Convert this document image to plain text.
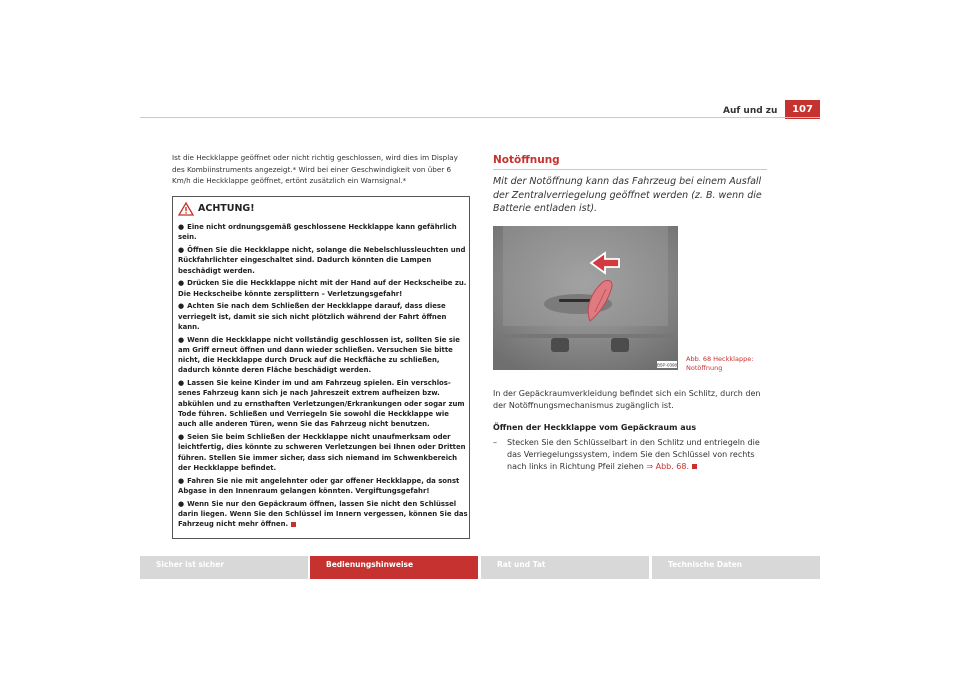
Auf und zu	107
Ist die Heckklappe geöffnet oder nicht richtig geschlossen, wird dies im Display des Kombiinstruments angezeigt.* Wird bei einer Geschwindigkeit von über 6 Km/h die Heckklappe geöffnet, ertönt zusätzlich ein Warnsignal.*
ACHTUNG!
● Eine nicht ordnungsgemäß geschlossene Heckklappe kann gefährlich sein.
● Öffnen Sie die Heckklappe nicht, solange die Nebelschlussleuchten und Rückfahrlichter eingeschaltet sind. Dadurch könnten die Lampen beschädigt werden.
● Drücken Sie die Heckklappe nicht mit der Hand auf der Heckscheibe zu. Die Heckscheibe könnte zersplittern – Verletzungsgefahr!
● Achten Sie nach dem Schließen der Heckklappe darauf, dass diese verriegelt ist, damit sie sich nicht plötzlich während der Fahrt öffnen kann.
● Wenn die Heckklappe nicht vollständig geschlossen ist, sollten Sie sie am Griff erneut öffnen und dann wieder schließen. Versuchen Sie bitte nicht, die Heckklappe durch Druck auf die Heckfläche zu schließen, dadurch könnte deren Fläche beschädigt werden.
● Lassen Sie keine Kinder im und am Fahrzeug spielen. Ein verschlos-senes Fahrzeug kann sich je nach Jahreszeit extrem aufheizen bzw. abkühlen und zu ernsthaften Verletzungen/Erkrankungen oder sogar zum Tode führen. Schließen und Verriegeln Sie sowohl die Heckklappe wie auch alle anderen Türen, wenn Sie das Fahrzeug nicht benutzen.
● Seien Sie beim Schließen der Heckklappe nicht unaufmerksam oder leichtfertig, dies könnte zu schweren Verletzungen bei Ihnen oder Dritten führen. Stellen Sie immer sicher, dass sich niemand im Schwenkbereich der Heckklappe befindet.
● Fahren Sie nie mit angelehnter oder gar offener Heckklappe, da sonst Abgase in den Innenraum gelangen könnten. Vergiftungsgefahr!
● Wenn Sie nur den Gepäckraum öffnen, lassen Sie nicht den Schlüssel darin liegen. Wenn Sie den Schlüssel im Innern vergessen, können Sie das Fahrzeug nicht mehr öffnen.
Notöffnung
Mit der Notöffnung kann das Fahrzeug bei einem Ausfall der Zentralverriegelung geöffnet werden (z. B. wenn die Batterie entladen ist).
B5P-0398
Abb. 68 Heckklappe: Notöffnung
In der Gepäckraumverkleidung befindet sich ein Schlitz, durch den der Notöffnungsmechanismus zugänglich ist.
Öffnen der Heckklappe vom Gepäckraum aus
– Stecken Sie den Schlüsselbart in den Schlitz und entriegeln die das Verriegelungssystem, indem Sie den Schlüssel von rechts nach links in Richtung Pfeil ziehen ⇒ Abb. 68.
Sicher ist sicher	Bedienungshinweise	Rat und Tat	Technische Daten
